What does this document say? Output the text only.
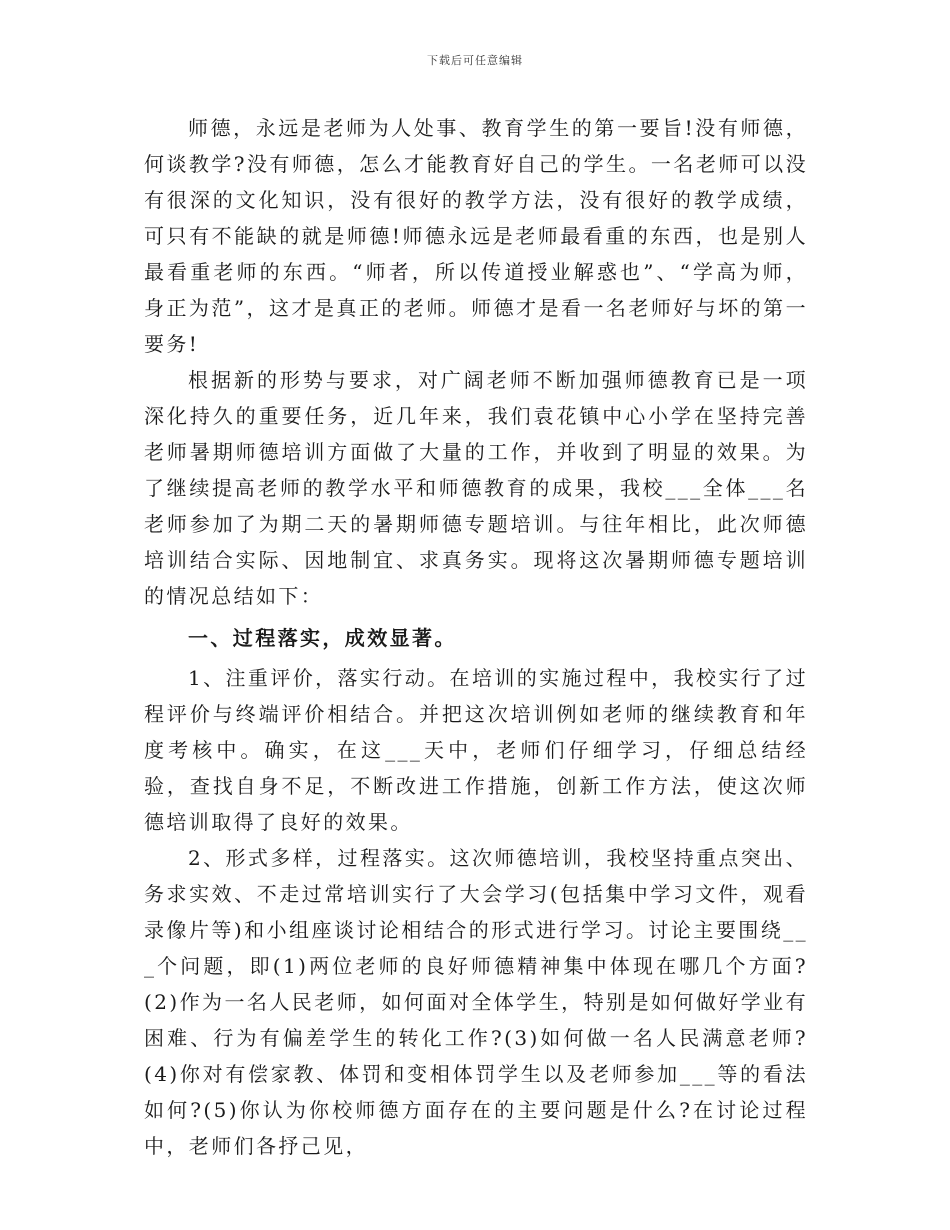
下载后可任意编辑

师德，永远是老师为人处事、教育学生的第一要旨!没有师德，何谈教学?没有师德，怎么才能教育好自己的学生。一名老师可以没有很深的文化知识，没有很好的教学方法，没有很好的教学成绩，可只有不能缺的就是师德!师德永远是老师最看重的东西，也是别人最看重老师的东西。“师者，所以传道授业解惑也”、“学高为师，身正为范”，这才是真正的老师。师德才是看一名老师好与坏的第一要务!

根据新的形势与要求，对广阔老师不断加强师德教育已是一项深化持久的重要任务，近几年来，我们袁花镇中心小学在坚持完善老师暑期师德培训方面做了大量的工作，并收到了明显的效果。为了继续提高老师的教学水平和师德教育的成果，我校___全体___名老师参加了为期二天的暑期师德专题培训。与往年相比，此次师德培训结合实际、因地制宜、求真务实。现将这次暑期师德专题培训的情况总结如下：

一、过程落实，成效显著。

1、注重评价，落实行动。在培训的实施过程中，我校实行了过程评价与终端评价相结合。并把这次培训例如老师的继续教育和年度考核中。确实，在这___天中，老师们仔细学习，仔细总结经验，查找自身不足，不断改进工作措施，创新工作方法，使这次师德培训取得了良好的效果。

2、形式多样，过程落实。这次师德培训，我校坚持重点突出、务求实效、不走过常培训实行了大会学习(包括集中学习文件，观看录像片等)和小组座谈讨论相结合的形式进行学习。讨论主要围绕___个问题，即(1)两位老师的良好师德精神集中体现在哪几个方面?(2)作为一名人民老师，如何面对全体学生，特别是如何做好学业有困难、行为有偏差学生的转化工作?(3)如何做一名人民满意老师?(4)你对有偿家教、体罚和变相体罚学生以及老师参加___等的看法如何?(5)你认为你校师德方面存在的主要问题是什么?在讨论过程中，老师们各抒己见，
